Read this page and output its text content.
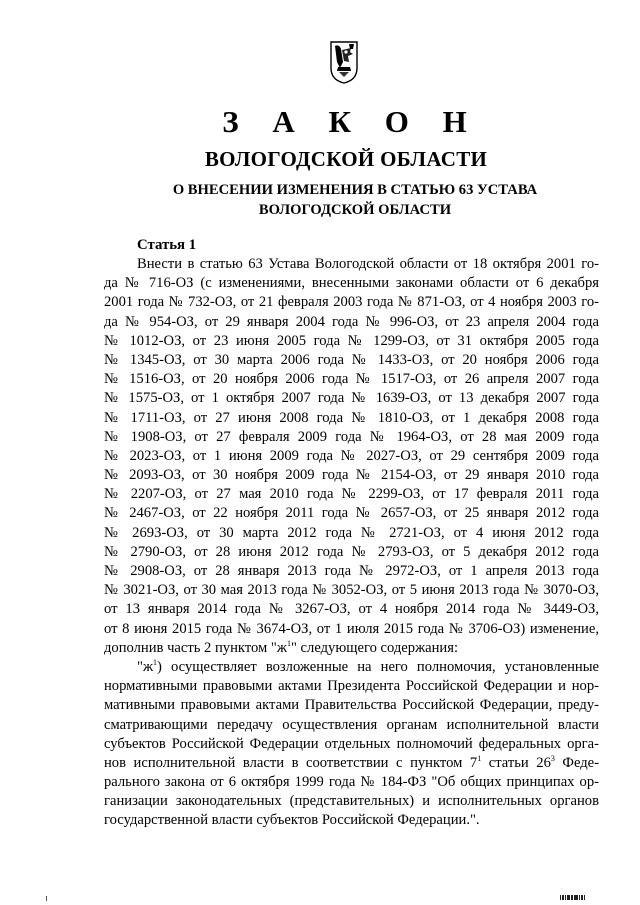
З А К О Н
ВОЛОГОДСКОЙ ОБЛАСТИ
О ВНЕСЕНИИ ИЗМЕНЕНИЯ В СТАТЬЮ 63 УСТАВА
ВОЛОГОДСКОЙ ОБЛАСТИ
Статья 1
Внести в статью 63 Устава Вологодской области от 18 октября 2001 го-
да № 716-ОЗ (с изменениями, внесенными законами области от 6 декабря
2001 года № 732-ОЗ, от 21 февраля 2003 года № 871-ОЗ, от 4 ноября 2003 го-
да № 954-ОЗ, от 29 января 2004 года № 996-ОЗ, от 23 апреля 2004 года
№ 1012-ОЗ, от 23 июня 2005 года № 1299-ОЗ, от 31 октября 2005 года
№ 1345-ОЗ, от 30 марта 2006 года № 1433-ОЗ, от 20 ноября 2006 года
№ 1516-ОЗ, от 20 ноября 2006 года № 1517-ОЗ, от 26 апреля 2007 года
№ 1575-ОЗ, от 1 октября 2007 года № 1639-ОЗ, от 13 декабря 2007 года
№ 1711-ОЗ, от 27 июня 2008 года № 1810-ОЗ, от 1 декабря 2008 года
№ 1908-ОЗ, от 27 февраля 2009 года № 1964-ОЗ, от 28 мая 2009 года
№ 2023-ОЗ, от 1 июня 2009 года № 2027-ОЗ, от 29 сентября 2009 года
№ 2093-ОЗ, от 30 ноября 2009 года № 2154-ОЗ, от 29 января 2010 года
№ 2207-ОЗ, от 27 мая 2010 года № 2299-ОЗ, от 17 февраля 2011 года
№ 2467-ОЗ, от 22 ноября 2011 года № 2657-ОЗ, от 25 января 2012 года
№ 2693-ОЗ, от 30 марта 2012 года № 2721-ОЗ, от 4 июня 2012 года
№ 2790-ОЗ, от 28 июня 2012 года № 2793-ОЗ, от 5 декабря 2012 года
№ 2908-ОЗ, от 28 января 2013 года № 2972-ОЗ, от 1 апреля 2013 года
№ 3021-ОЗ, от 30 мая 2013 года № 3052-ОЗ, от 5 июня 2013 года № 3070-ОЗ,
от 13 января 2014 года № 3267-ОЗ, от 4 ноября 2014 года № 3449-ОЗ,
от 8 июня 2015 года № 3674-ОЗ, от 1 июля 2015 года № 3706-ОЗ) изменение,
дополнив часть 2 пунктом "$ж^1$" следующего содержания:
"$ж^1$) осуществляет возложенные на него полномочия, установленные
нормативными правовыми актами Президента Российской Федерации и нор-
мативными правовыми актами Правительства Российской Федерации, преду-
сматривающими передачу осуществления органам исполнительной власти
субъектов Российской Федерации отдельных полномочий федеральных орга-
нов исполнительной власти в соответствии с пунктом $7^1$ статьи $26^3$ Феде-
рального закона от 6 октября 1999 года № 184-ФЗ "Об общих принципах ор-
ганизации законодательных (представительных) и исполнительных органов
государственной власти субъектов Российской Федерации.".
